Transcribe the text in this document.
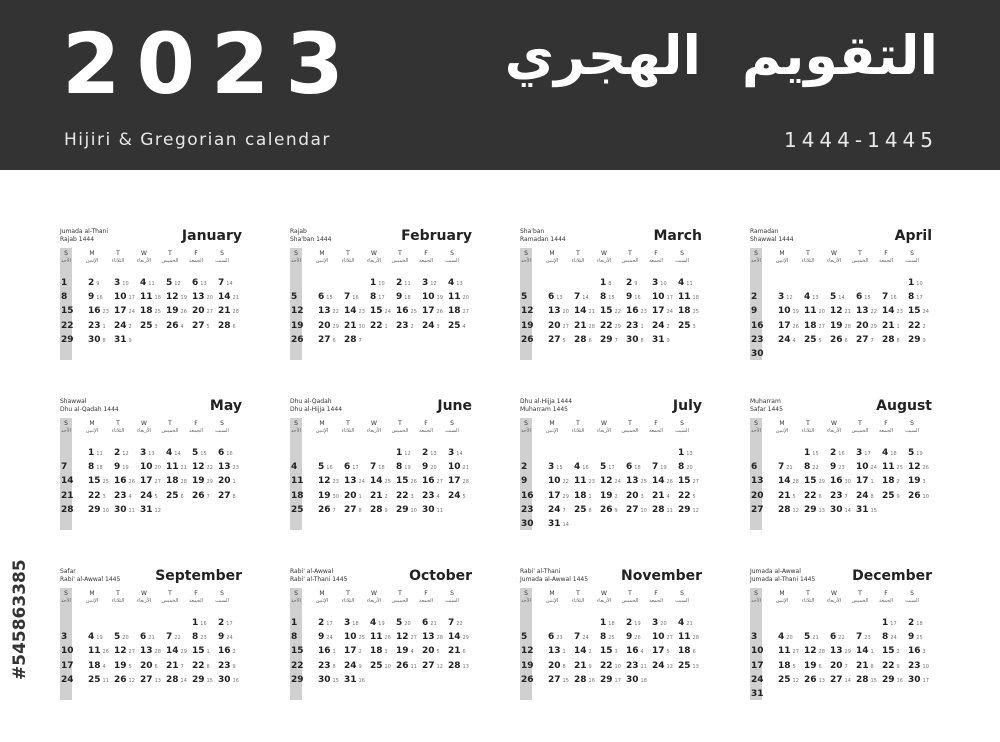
2023
Hijiri & Gregorian calendar
التقويم الهجري
1444-1445
#545863385
January
Jumada al-Thani
Rajab 1444
S
الأحد
M
الإثنين
T
الثلاثاء
W
الأربعاء
T
الخميس
F
الجمعة
S
السبت
1 2 9 3 10 4 11 5 12 6 13 7 14
8 9 16 10 17 11 18 12 19 13 20 14 21
15 16 23 17 24 18 25 19 26 20 27 21 28
22 23 1 24 2 25 3 26 4 27 5 28 6
29 30 8 31 9
February
Rajab
Sha'ban 1444
S
الأحد
M
الإثنين
T
الثلاثاء
W
الأربعاء
T
الخميس
F
الجمعة
S
السبت
1 10 2 11 3 12 4 13
5 6 15 7 16 8 17 9 18 10 19 11 20
12 13 22 14 23 15 24 16 25 17 26 18 27
19 20 29 21 30 22 1 23 2 24 3 25 4
26 27 6 28 7
March
Sha'ban
Ramadan 1444
S
الأحد
M
الإثنين
T
الثلاثاء
W
الأربعاء
T
الخميس
F
الجمعة
S
السبت
1 8 2 9 3 10 4 11
5 6 13 7 14 8 15 9 16 10 17 11 18
12 13 20 14 21 15 22 16 23 17 24 18 25
19 20 27 21 28 22 29 23 1 24 2 25 3
26 27 5 28 6 29 7 30 8 31 9
April
Ramadan
Shawwal 1444
S
الأحد
M
الإثنين
T
الثلاثاء
W
الأربعاء
T
الخميس
F
الجمعة
S
السبت
1 10
2 3 12 4 13 5 14 6 15 7 16 8 17
9 10 19 11 20 12 21 13 22 14 23 15 24
16 17 26 18 27 19 28 20 29 21 1 22 2
23 24 4 25 5 26 6 27 7 28 8 29 9
30
May
Shawwal
Dhu al-Qadah 1444
S
الأحد
M
الإثنين
T
الثلاثاء
W
الأربعاء
T
الخميس
F
الجمعة
S
السبت
1 11 2 12 3 13 4 14 5 15 6 16
7 8 18 9 19 10 20 11 21 12 22 13 23
14 15 25 16 26 17 27 18 28 19 29 20 1
21 22 3 23 4 24 5 25 6 26 7 27 8
28 29 10 30 11 31 12
June
Dhu al-Qadah
Dhu al-Hijja 1444
S
الأحد
M
الإثنين
T
الثلاثاء
W
الأربعاء
T
الخميس
F
الجمعة
S
السبت
1 12 2 13 3 14
4 5 16 6 17 7 18 8 19 9 20 10 21
11 12 23 13 24 14 25 15 26 16 27 17 28
18 19 30 20 1 21 2 22 3 23 4 24 5
25 26 7 27 8 28 9 29 10 30 11
July
Dhu al-Hijja 1444
Muharram 1445
S
الأحد
M
الإثنين
T
الثلاثاء
W
الأربعاء
T
الخميس
F
الجمعة
S
السبت
1 13
2 3 15 4 16 5 17 6 18 7 19 8 20
9 10 22 11 23 12 24 13 25 14 26 15 27
16 17 29 18 1 19 2 20 3 21 4 22 5
23 24 7 25 8 26 9 27 10 28 11 29 12
30 31 14
August
Muharram
Safar 1445
S
الأحد
M
الإثنين
T
الثلاثاء
W
الأربعاء
T
الخميس
F
الجمعة
S
السبت
1 15 2 16 3 17 4 18 5 19
6 7 21 8 22 9 23 10 24 11 25 12 26
13 14 28 15 29 16 30 17 1 18 2 19 3
20 21 5 22 6 23 7 24 8 25 9 26 10
27 28 12 29 13 30 14 31 15
September
Safar
Rabi' al-Awwal 1445
S
الأحد
M
الإثنين
T
الثلاثاء
W
الأربعاء
T
الخميس
F
الجمعة
S
السبت
1 16 2 17
3 4 19 5 20 6 21 7 22 8 23 9 24
10 11 26 12 27 13 28 14 29 15 1 16 2
17 18 4 19 5 20 6 21 7 22 8 23 9
24 25 11 26 12 27 13 28 14 29 15 30 16
October
Rabi' al-Awwal
Rabi' al-Thani 1445
S
الأحد
M
الإثنين
T
الثلاثاء
W
الأربعاء
T
الخميس
F
الجمعة
S
السبت
1 2 17 3 18 4 19 5 20 6 21 7 22
8 9 24 10 25 11 26 12 27 13 28 14 29
15 16 1 17 2 18 3 19 4 20 5 21 6
22 23 8 24 9 25 10 26 11 27 12 28 13
29 30 15 31 16
November
Rabi' al-Thani
Jumada al-Awwal 1445
S
الأحد
M
الإثنين
T
الثلاثاء
W
الأربعاء
T
الخميس
F
الجمعة
S
السبت
1 18 2 19 3 20 4 21
5 6 23 7 24 8 25 9 26 10 27 11 28
12 13 1 14 2 15 3 16 4 17 5 18 6
19 20 8 21 9 22 10 23 11 24 12 25 13
26 27 15 28 16 29 17 30 18
December
Jumada al-Awwal
Jumada al-Thani 1445
S
الأحد
M
الإثنين
T
الثلاثاء
W
الأربعاء
T
الخميس
F
الجمعة
S
السبت
1 17 2 18
3 4 20 5 21 6 22 7 23 8 24 9 25
10 11 27 12 28 13 29 14 1 15 2 16 3
17 18 5 19 6 20 7 21 8 22 9 23 10
24 25 12 26 13 27 14 28 15 29 16 30 17
31
